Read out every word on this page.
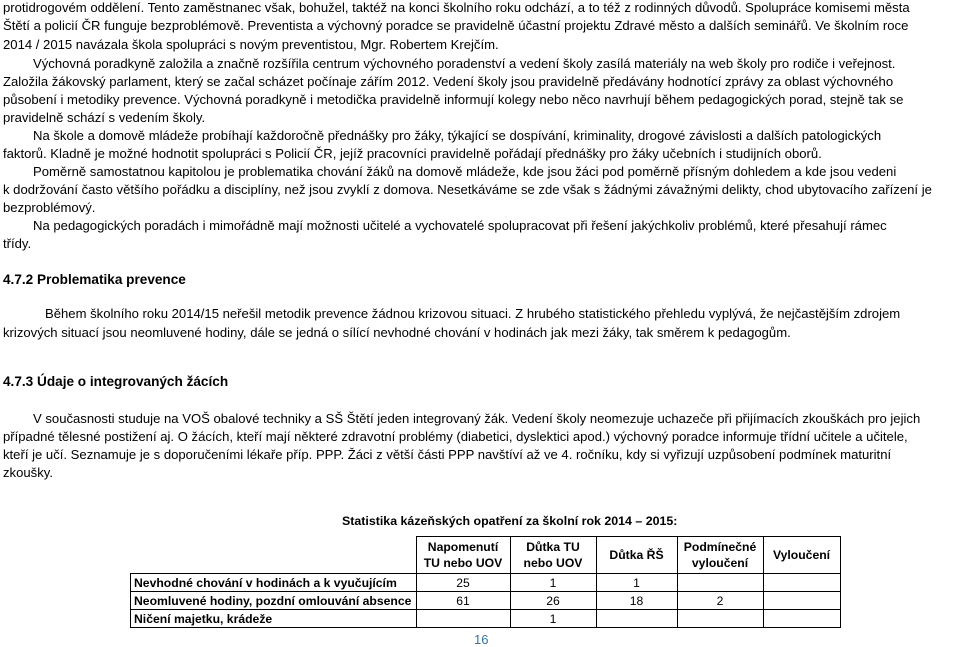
protidrogovém oddělení. Tento zaměstnanec však, bohužel, taktéž na konci školního roku odchází, a to též z rodinných důvodů. Spolupráce komisemi města
Štětí a policií ČR funguje bezproblémově. Preventista a výchovný poradce se pravidelně účastní projektu Zdravé město a dalších seminářů. Ve školním roce
2014 / 2015 navázala škola spolupráci s novým preventistou, Mgr. Robertem Krejčím.
Výchovná poradkyně založila a značně rozšířila centrum výchovného poradenství a vedení školy zasílá materiály na web školy pro rodiče i veřejnost.
Založila žákovský parlament, který se začal scházet počínaje zářím 2012. Vedení školy jsou pravidelně předávány hodnotící zprávy za oblast výchovného
působení i metodiky prevence. Výchovná poradkyně i metodička pravidelně informují kolegy nebo něco navrhují během pedagogických porad, stejně tak se
pravidelně schází s vedením školy.
Na škole a domově mládeže probíhají každoročně přednášky pro žáky, týkající se dospívání, kriminality, drogové závislosti a dalších patologických
faktorů. Kladně je možné hodnotit spolupráci s Policií ČR, jejíž pracovníci pravidelně pořádají přednášky pro žáky učebních i studijních oborů.
Poměrně samostatnou kapitolou je problematika chování žáků na domově mládeže, kde jsou žáci pod poměrně přísným dohledem a kde jsou vedeni
k dodržování často většího pořádku a disciplíny, než jsou zvyklí z domova. Nesetkáváme se zde však s žádnými závažnými delikty, chod ubytovacího zařízení je
bezproblémový.
Na pedagogických poradách i mimořádně mají možnosti učitelé a vychovatelé spolupracovat při řešení jakýchkoliv problémů, které přesahují rámec
třídy.
4.7.2 Problematika prevence
Během školního roku 2014/15 neřešil metodik prevence žádnou krizovou situaci. Z hrubého statistického přehledu vyplývá, že nejčastějším zdrojem
krizových situací jsou neomluvené hodiny, dále se jedná o sílící nevhodné chování v hodinách jak mezi žáky, tak směrem k pedagogům.
4.7.3 Údaje o integrovaných žácích
V současnosti studuje na VOŠ obalové techniky a SŠ Štětí jeden integrovaný žák. Vedení školy neomezuje uchazeče při přijímacích zkouškách pro jejich
případné tělesné postižení aj. O žácích, kteří mají některé zdravotní problémy (diabetici, dyslektici apod.) výchovný poradce informuje třídní učitele a učitele,
kteří je učí. Seznamuje je s doporučeními lékaře příp. PPP. Žáci z větší části PPP navštíví až ve 4. ročníku, kdy si vyřizují uzpůsobení podmínek maturitní
zkoušky.
Statistika kázeňských opatření za školní rok 2014 – 2015:
	Napomenutí TU nebo UOV	Důtka TU nebo UOV	Důtka ŘŠ	Podmínečné vyloučení	Vyloučení
Nevhodné chování v hodinách a k vyučujícím	25	1	1		
Neomluvené hodiny, pozdní omlouvání absence	61	26	18	2	
Ničení majetku, krádeže		1			
16
